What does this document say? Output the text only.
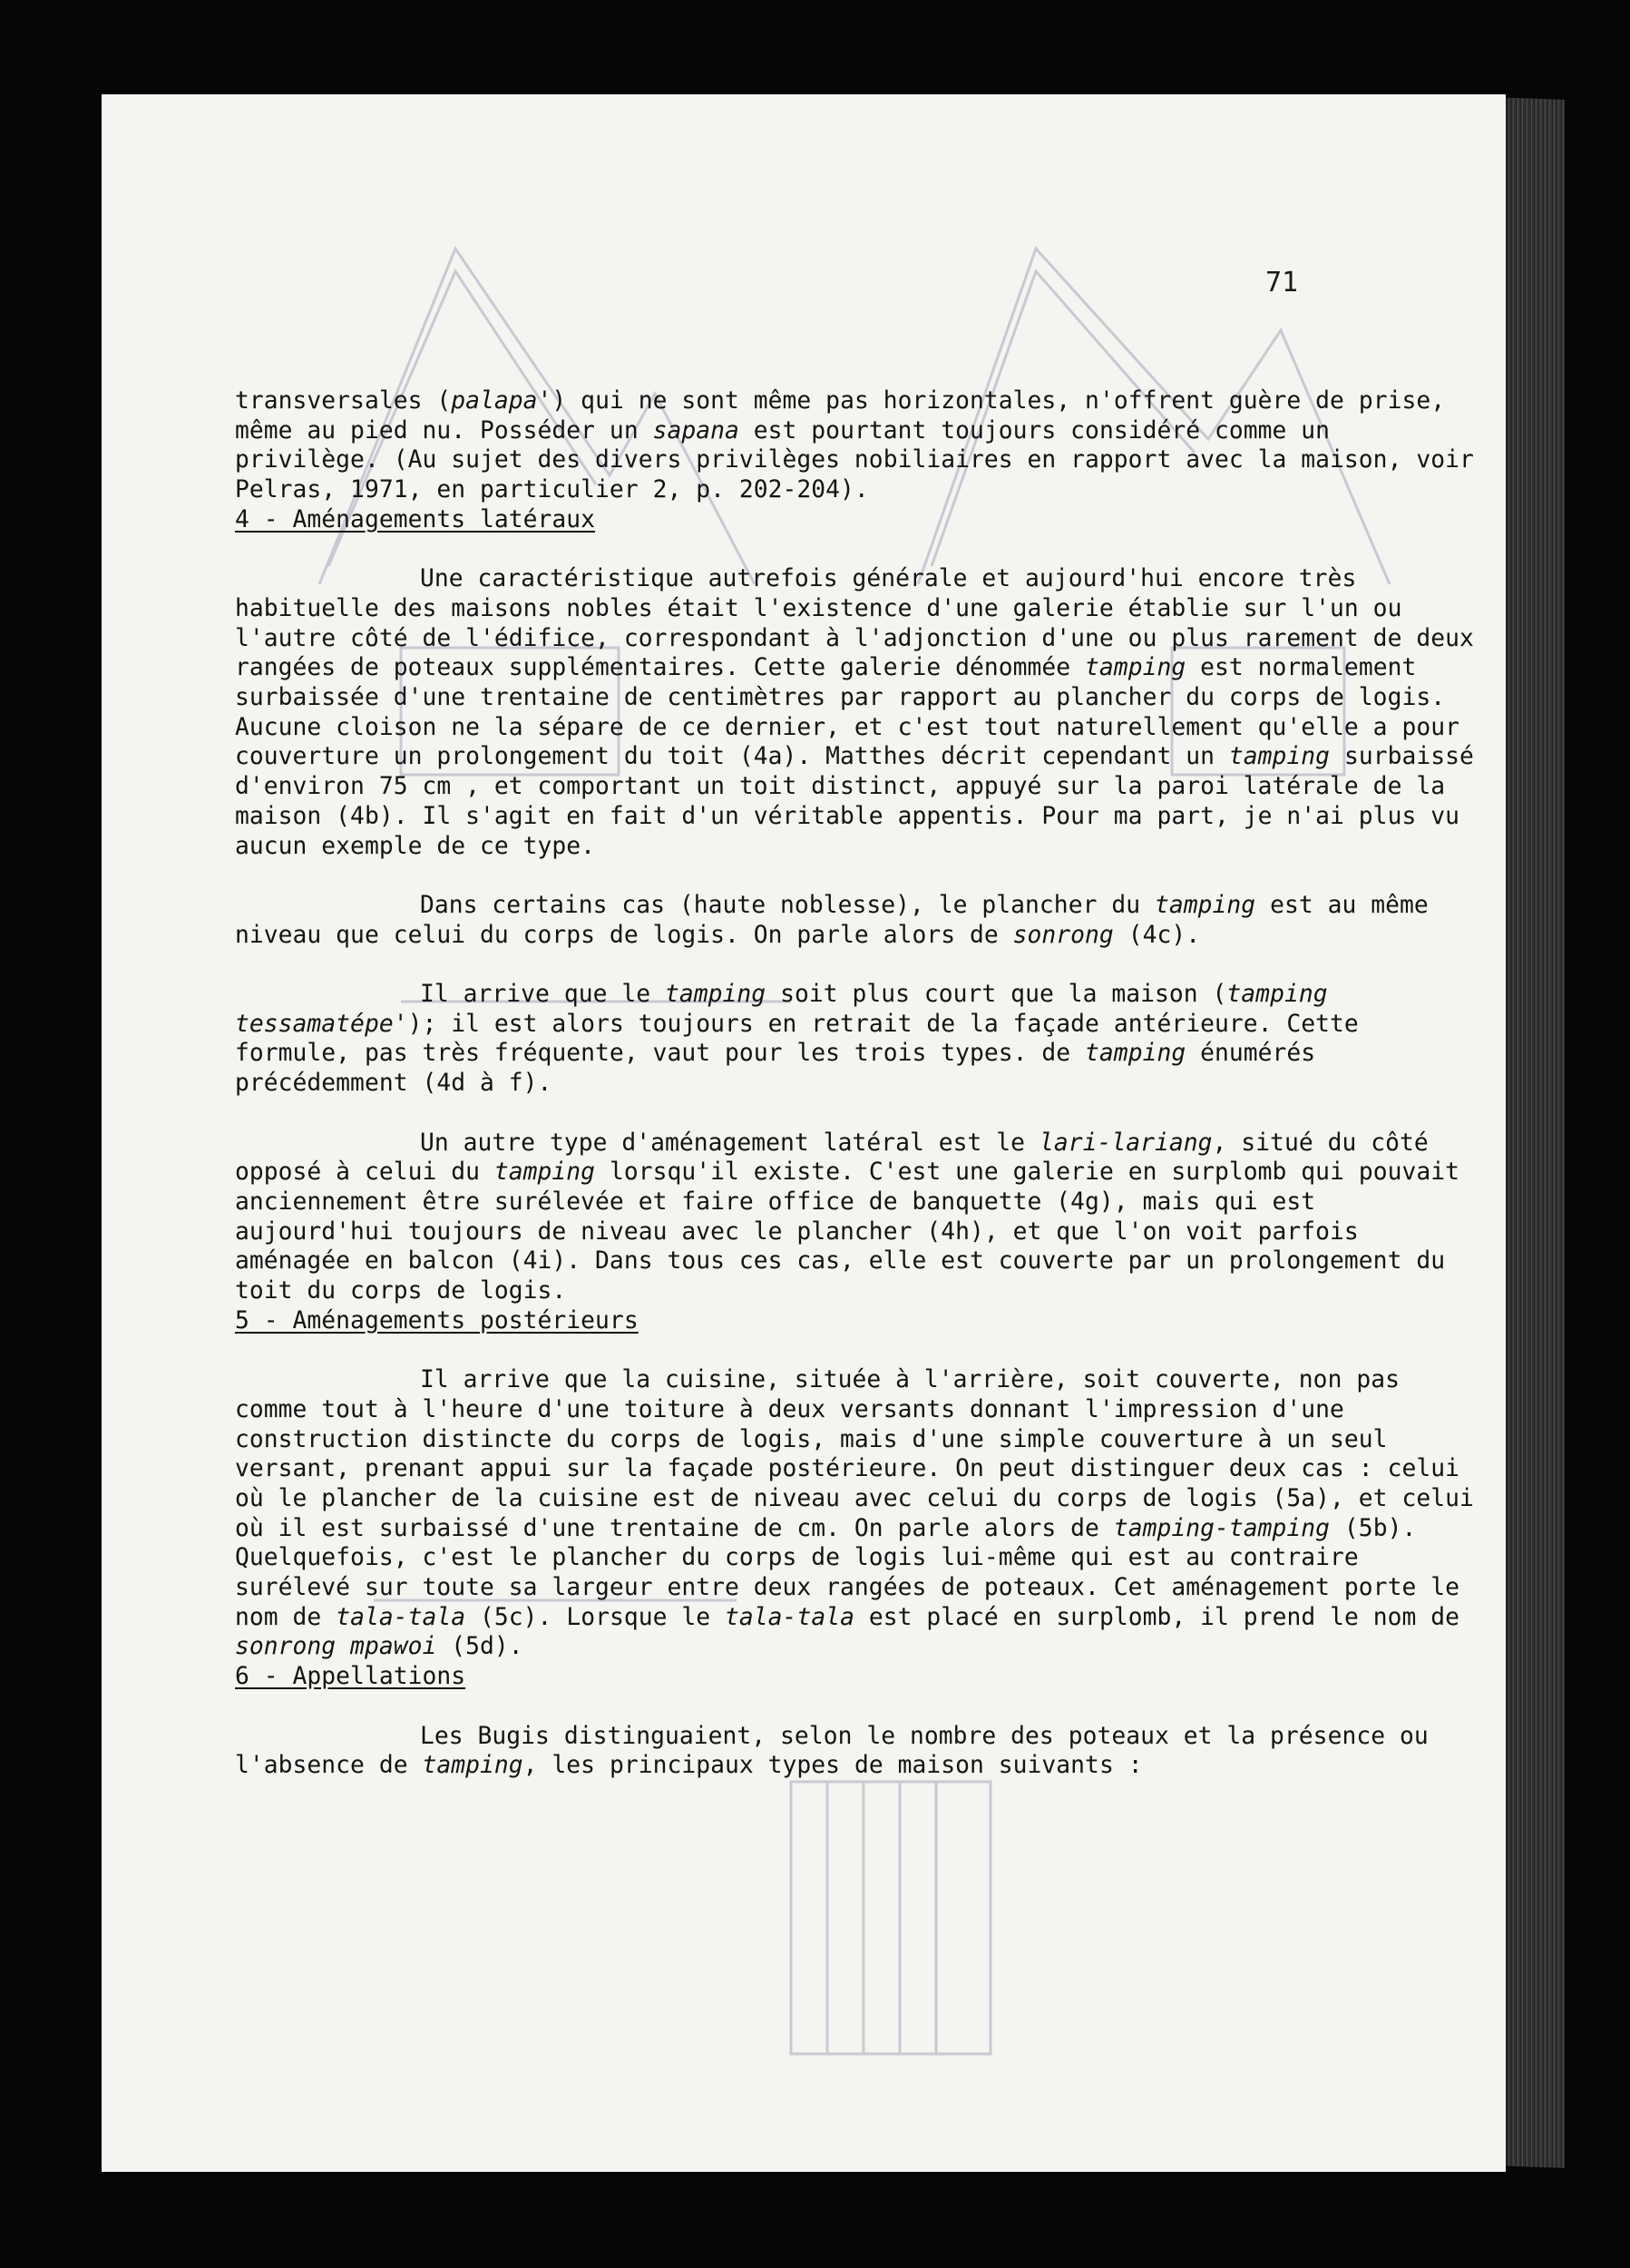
71

transversales (palapa') qui ne sont même pas horizontales, n'offrent guère de prise, même au pied nu. Posséder un sapana est pourtant toujours considéré comme un privilège. (Au sujet des divers privilèges nobiliaires en rapport avec la maison, voir Pelras, 1971, en particulier 2, p. 202-204).

4 - Aménagements latéraux

Une caractéristique autrefois générale et aujourd'hui encore très habituelle des maisons nobles était l'existence d'une galerie établie sur l'un ou l'autre côté de l'édifice, correspondant à l'adjonction d'une ou plus rarement de deux rangées de poteaux supplémentaires. Cette galerie dénommée tamping est normalement surbaissée d'une trentaine de centimètres par rapport au plancher du corps de logis. Aucune cloison ne la sépare de ce dernier, et c'est tout naturellement qu'elle a pour couverture un prolongement du toit (4a). Matthes décrit cependant un tamping surbaissé d'environ 75 cm , et comportant un toit distinct, appuyé sur la paroi latérale de la maison (4b). Il s'agit en fait d'un véritable appentis. Pour ma part, je n'ai plus vu aucun exemple de ce type.

Dans certains cas (haute noblesse), le plancher du tamping est au même niveau que celui du corps de logis. On parle alors de sonrong (4c).

Il arrive que le tamping soit plus court que la maison (tamping tessamatépe'); il est alors toujours en retrait de la façade antérieure. Cette formule, pas très fréquente, vaut pour les trois types. de tamping énumérés précédemment (4d à f).

Un autre type d'aménagement latéral est le lari-lariang, situé du côté opposé à celui du tamping lorsqu'il existe. C'est une galerie en surplomb qui pouvait anciennement être surélevée et faire office de banquette (4g), mais qui est aujourd'hui toujours de niveau avec le plancher (4h), et que l'on voit parfois aménagée en balcon (4i). Dans tous ces cas, elle est couverte par un prolongement du toit du corps de logis.

5 - Aménagements postérieurs

Il arrive que la cuisine, située à l'arrière, soit couverte, non pas comme tout à l'heure d'une toiture à deux versants donnant l'impression d'une construction distincte du corps de logis, mais d'une simple couverture à un seul versant, prenant appui sur la façade postérieure. On peut distinguer deux cas : celui où le plancher de la cuisine est de niveau avec celui du corps de logis (5a), et celui où il est surbaissé d'une trentaine de cm. On parle alors de tamping-tamping (5b). Quelquefois, c'est le plancher du corps de logis lui-même qui est au contraire surélevé sur toute sa largeur entre deux rangées de poteaux. Cet aménagement porte le nom de tala-tala (5c). Lorsque le tala-tala est placé en surplomb, il prend le nom de sonrong mpawoi (5d).

6 - Appellations

Les Bugis distinguaient, selon le nombre des poteaux et la présence ou l'absence de tamping, les principaux types de maison suivants :
